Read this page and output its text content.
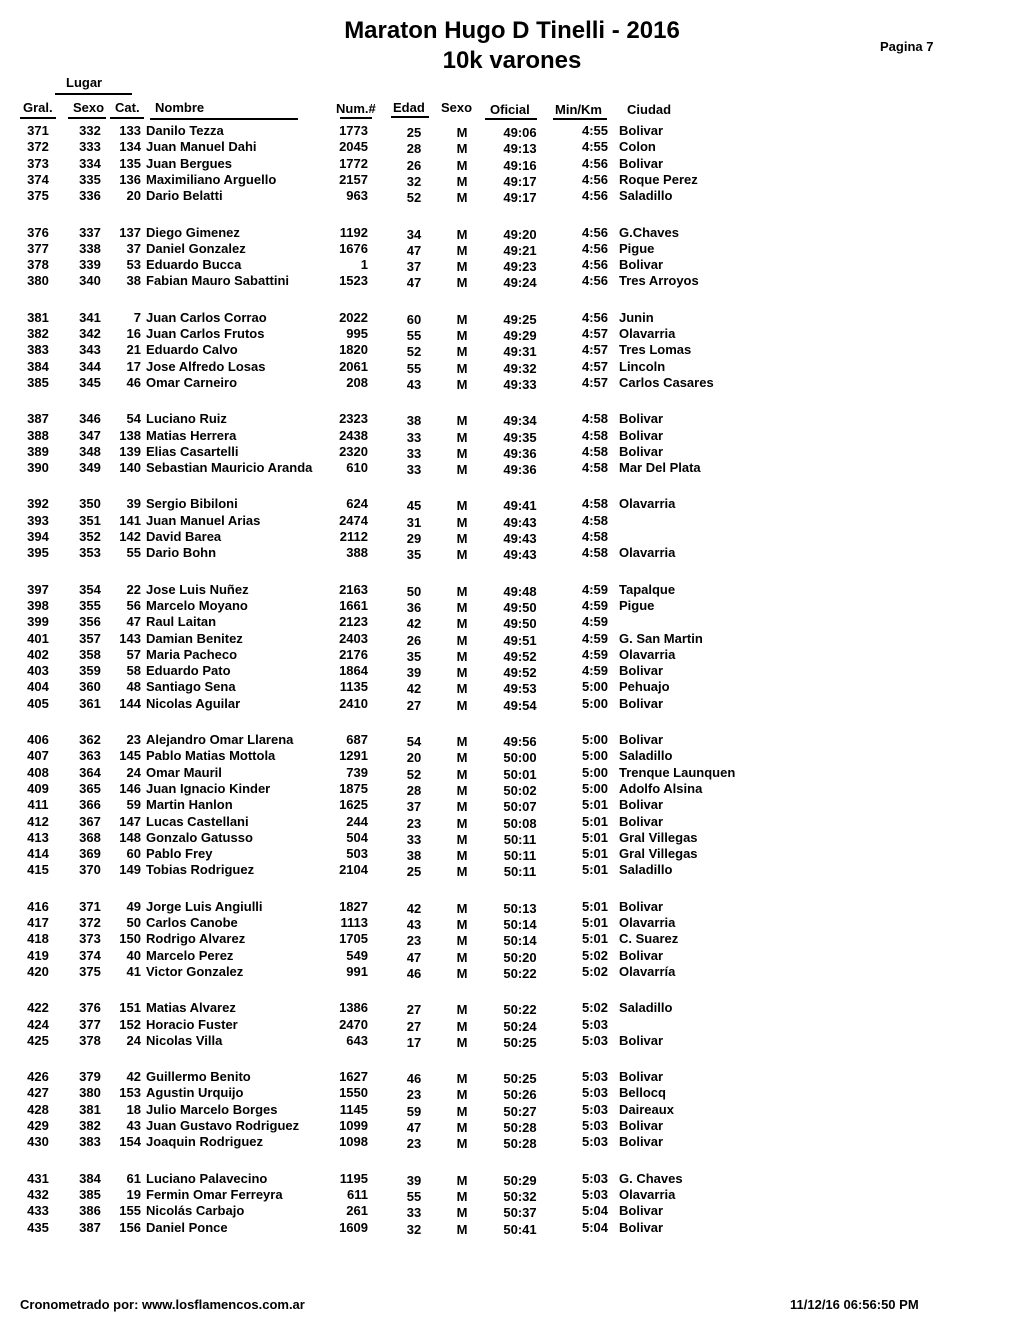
Maraton Hugo D Tinelli - 2016
10k varones
Pagina 7
Lugar
Gral. Sexo Cat. Nombre	Num.# Edad Sexo Oficial Min/Km Ciudad
371	332	133 Danilo Tezza	1773	25	M	49:06	4:55 Bolivar
372	333	134 Juan Manuel Dahi	2045	28	M	49:13	4:55 Colon
373	334	135 Juan Bergues	1772	26	M	49:16	4:56 Bolivar
374	335	136 Maximiliano Arguello	2157	32	M	49:17	4:56 Roque Perez
375	336	20 Dario Belatti	963	52	M	49:17	4:56 Saladillo
376	337	137 Diego Gimenez	1192	34	M	49:20	4:56 G.Chaves
377	338	37 Daniel Gonzalez	1676	47	M	49:21	4:56 Pigue
378	339	53 Eduardo Bucca	1	37	M	49:23	4:56 Bolivar
380	340	38 Fabian Mauro Sabattini	1523	47	M	49:24	4:56 Tres Arroyos
381	341	7 Juan Carlos Corrao	2022	60	M	49:25	4:56 Junin
382	342	16 Juan Carlos Frutos	995	55	M	49:29	4:57 Olavarria
383	343	21 Eduardo Calvo	1820	52	M	49:31	4:57 Tres Lomas
384	344	17 Jose Alfredo Losas	2061	55	M	49:32	4:57 Lincoln
385	345	46 Omar Carneiro	208	43	M	49:33	4:57 Carlos Casares
387	346	54 Luciano Ruiz	2323	38	M	49:34	4:58 Bolivar
388	347	138 Matias Herrera	2438	33	M	49:35	4:58 Bolivar
389	348	139 Elias Casartelli	2320	33	M	49:36	4:58 Bolivar
390	349	140 Sebastian Mauricio Aranda	610	33	M	49:36	4:58 Mar Del Plata
392	350	39 Sergio Bibiloni	624	45	M	49:41	4:58 Olavarria
393	351	141 Juan Manuel Arias	2474	31	M	49:43	4:58
394	352	142 David Barea	2112	29	M	49:43	4:58
395	353	55 Dario Bohn	388	35	M	49:43	4:58 Olavarria
397	354	22 Jose Luis Nuñez	2163	50	M	49:48	4:59 Tapalque
398	355	56 Marcelo Moyano	1661	36	M	49:50	4:59 Pigue
399	356	47 Raul Laitan	2123	42	M	49:50	4:59
401	357	143 Damian Benitez	2403	26	M	49:51	4:59 G. San Martin
402	358	57 Maria Pacheco	2176	35	M	49:52	4:59 Olavarria
403	359	58 Eduardo Pato	1864	39	M	49:52	4:59 Bolivar
404	360	48 Santiago Sena	1135	42	M	49:53	5:00 Pehuajo
405	361	144 Nicolas Aguilar	2410	27	M	49:54	5:00 Bolivar
406	362	23 Alejandro Omar Llarena	687	54	M	49:56	5:00 Bolivar
407	363	145 Pablo Matias Mottola	1291	20	M	50:00	5:00 Saladillo
408	364	24 Omar Mauril	739	52	M	50:01	5:00 Trenque Launquen
409	365	146 Juan Ignacio Kinder	1875	28	M	50:02	5:00 Adolfo Alsina
411	366	59 Martin Hanlon	1625	37	M	50:07	5:01 Bolivar
412	367	147 Lucas Castellani	244	23	M	50:08	5:01 Bolivar
413	368	148 Gonzalo Gatusso	504	33	M	50:11	5:01 Gral Villegas
414	369	60 Pablo Frey	503	38	M	50:11	5:01 Gral Villegas
415	370	149 Tobias Rodriguez	2104	25	M	50:11	5:01 Saladillo
416	371	49 Jorge Luis Angiulli	1827	42	M	50:13	5:01 Bolivar
417	372	50 Carlos Canobe	1113	43	M	50:14	5:01 Olavarria
418	373	150 Rodrigo Alvarez	1705	23	M	50:14	5:01 C. Suarez
419	374	40 Marcelo Perez	549	47	M	50:20	5:02 Bolivar
420	375	41 Victor Gonzalez	991	46	M	50:22	5:02 Olavarría
422	376	151 Matias Alvarez	1386	27	M	50:22	5:02 Saladillo
424	377	152 Horacio Fuster	2470	27	M	50:24	5:03
425	378	24 Nicolas Villa	643	17	M	50:25	5:03 Bolivar
426	379	42 Guillermo Benito	1627	46	M	50:25	5:03 Bolivar
427	380	153 Agustin Urquijo	1550	23	M	50:26	5:03 Bellocq
428	381	18 Julio Marcelo Borges	1145	59	M	50:27	5:03 Daireaux
429	382	43 Juan Gustavo Rodriguez	1099	47	M	50:28	5:03 Bolivar
430	383	154 Joaquin Rodriguez	1098	23	M	50:28	5:03 Bolivar
431	384	61 Luciano Palavecino	1195	39	M	50:29	5:03 G. Chaves
432	385	19 Fermin Omar Ferreyra	611	55	M	50:32	5:03 Olavarria
433	386	155 Nicolás Carbajo	261	33	M	50:37	5:04 Bolivar
435	387	156 Daniel Ponce	1609	32	M	50:41	5:04 Bolivar
Cronometrado por: www.losflamencos.com.ar	11/12/16 06:56:50 PM
